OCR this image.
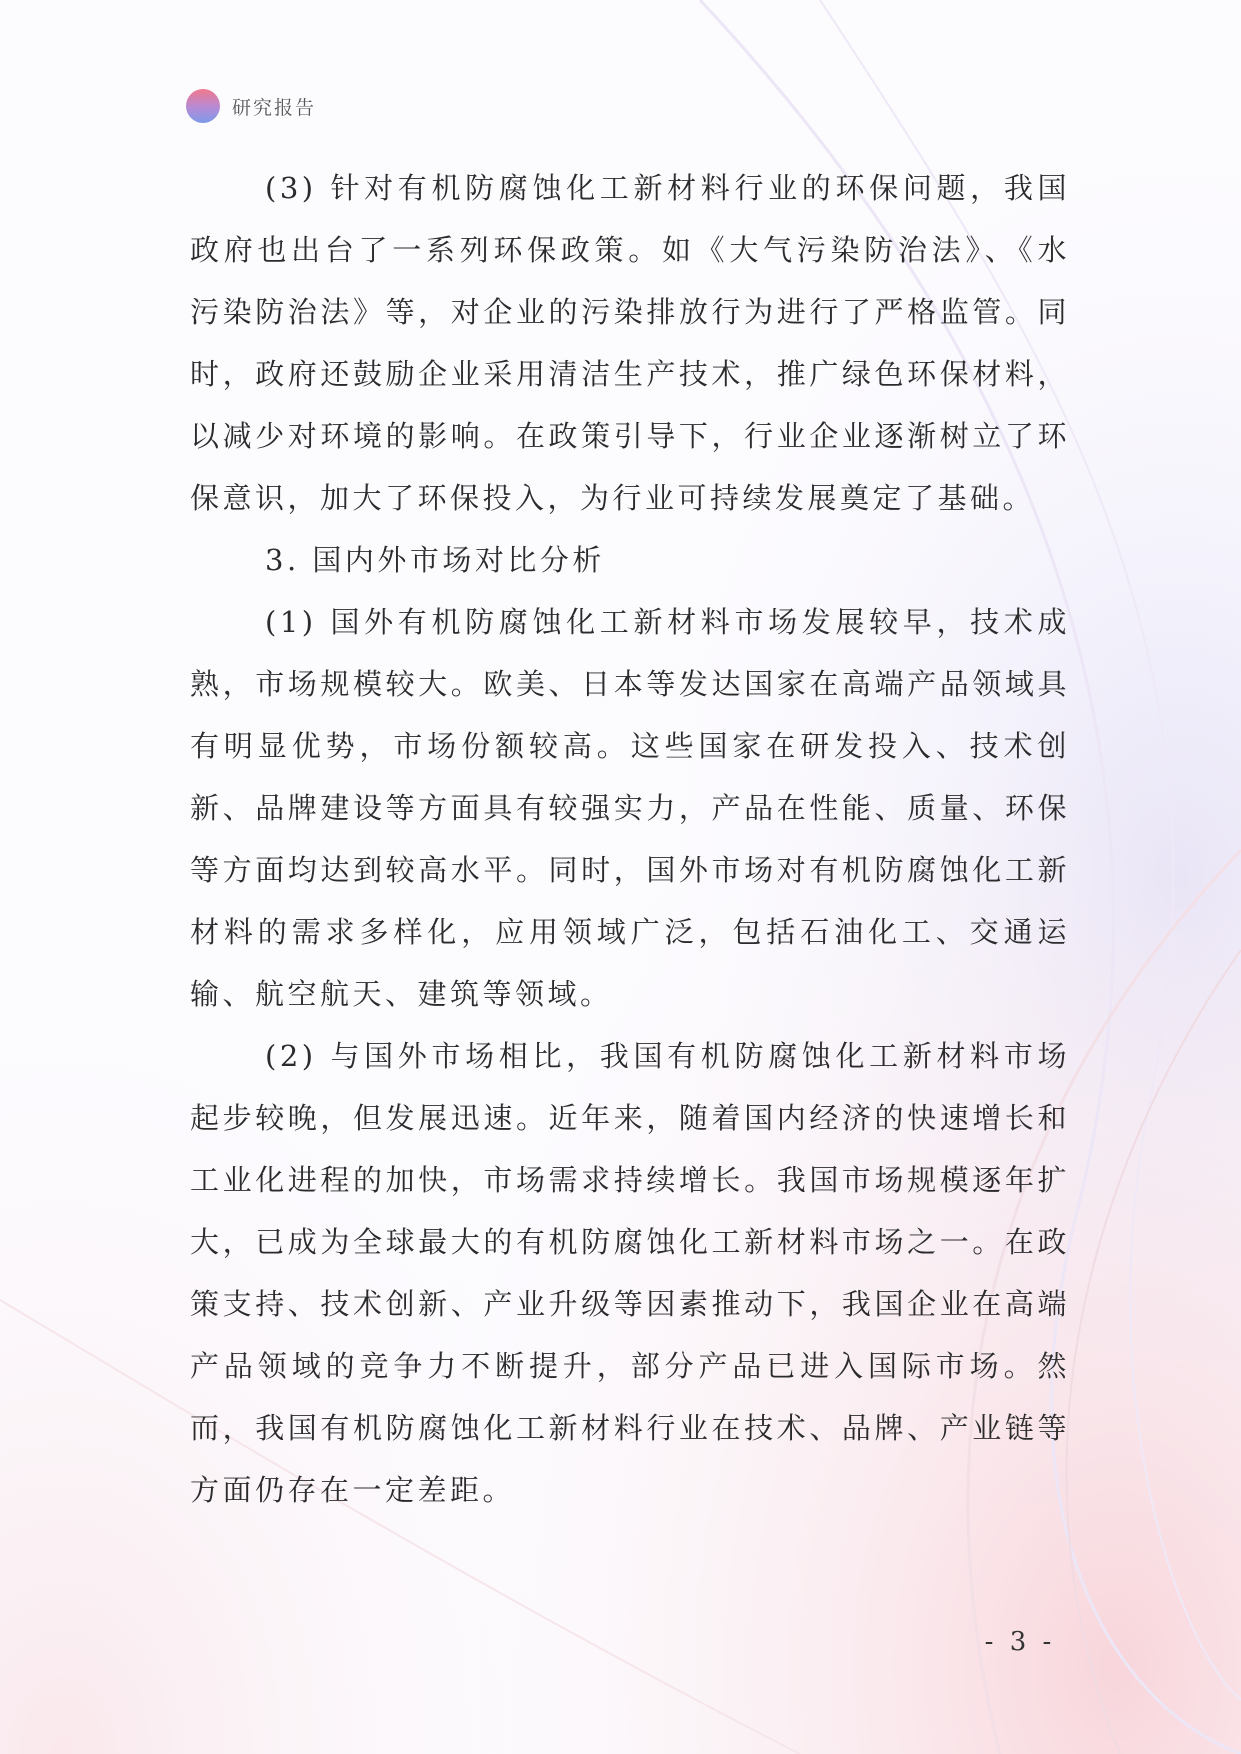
研究报告

(3) 针对有机防腐蚀化工新材料行业的环保问题，我国政府也出台了一系列环保政策。如《大气污染防治法》、《水污染防治法》等，对企业的污染排放行为进行了严格监管。同时，政府还鼓励企业采用清洁生产技术，推广绿色环保材料，以减少对环境的影响。在政策引导下，行业企业逐渐树立了环保意识，加大了环保投入，为行业可持续发展奠定了基础。

3. 国内外市场对比分析

(1) 国外有机防腐蚀化工新材料市场发展较早，技术成熟，市场规模较大。欧美、日本等发达国家在高端产品领域具有明显优势，市场份额较高。这些国家在研发投入、技术创新、品牌建设等方面具有较强实力，产品在性能、质量、环保等方面均达到较高水平。同时，国外市场对有机防腐蚀化工新材料的需求多样化，应用领域广泛，包括石油化工、交通运输、航空航天、建筑等领域。

(2) 与国外市场相比，我国有机防腐蚀化工新材料市场起步较晚，但发展迅速。近年来，随着国内经济的快速增长和工业化进程的加快，市场需求持续增长。我国市场规模逐年扩大，已成为全球最大的有机防腐蚀化工新材料市场之一。在政策支持、技术创新、产业升级等因素推动下，我国企业在高端产品领域的竞争力不断提升，部分产品已进入国际市场。然而，我国有机防腐蚀化工新材料行业在技术、品牌、产业链等方面仍存在一定差距。

- 3 -
